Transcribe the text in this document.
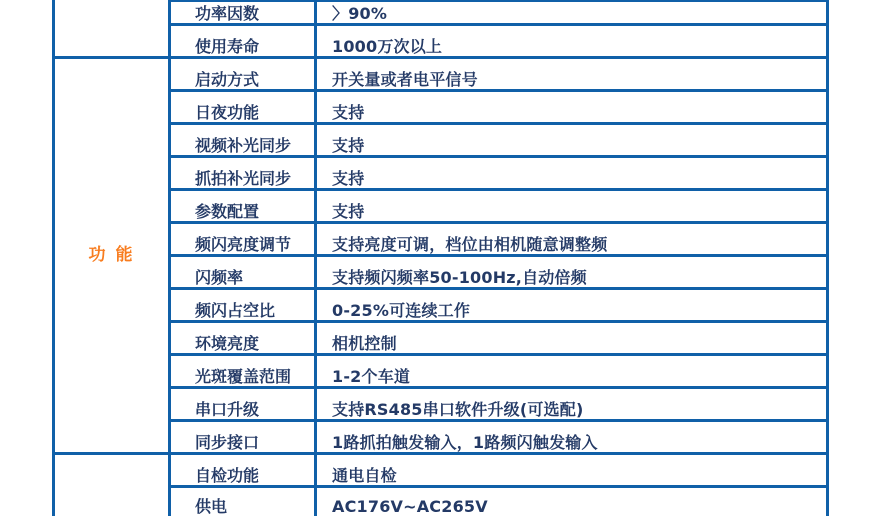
功率因数	〉90%
使用寿命	1000万次以上
功 能
启动方式	开关量或者电平信号
日夜功能	支持
视频补光同步	支持
抓拍补光同步	支持
参数配置	支持
频闪亮度调节	支持亮度可调，档位由相机随意调整频
闪频率	支持频闪频率50-100Hz,自动倍频
频闪占空比	0-25%可连续工作
环境亮度	相机控制
光斑覆盖范围	1-2个车道
串口升级	支持RS485串口软件升级(可选配)
同步接口	1路抓拍触发输入，1路频闪触发输入
自检功能	通电自检
供电	AC176V~AC265V
